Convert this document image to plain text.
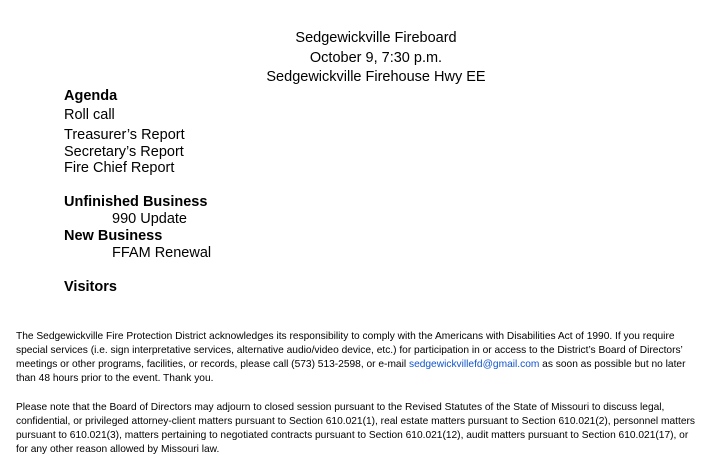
Sedgewickville Fireboard
October 9, 7:30 p.m.
Sedgewickville Firehouse Hwy EE
Agenda
Roll call
Treasurer’s Report
Secretary’s Report
Fire Chief Report
Unfinished Business
990 Update
New Business
FFAM Renewal
Visitors

The Sedgewickville Fire Protection District acknowledges its responsibility to comply with the Americans with Disabilities Act of 1990. If you require special services (i.e. sign interpretative services, alternative audio/video device, etc.) for participation in or access to the District’s Board of Directors’ meetings or other programs, facilities, or records, please call (573) 513-2598, or e-mail sedgewickvillefd@gmail.com as soon as possible but no later than 48 hours prior to the event. Thank you.

Please note that the Board of Directors may adjourn to closed session pursuant to the Revised Statutes of the State of Missouri to discuss legal, confidential, or privileged attorney-client matters pursuant to Section 610.021(1), real estate matters pursuant to Section 610.021(2), personnel matters pursuant to 610.021(3), matters pertaining to negotiated contracts pursuant to Section 610.021(12), audit matters pursuant to Section 610.021(17), or for any other reason allowed by Missouri law.
